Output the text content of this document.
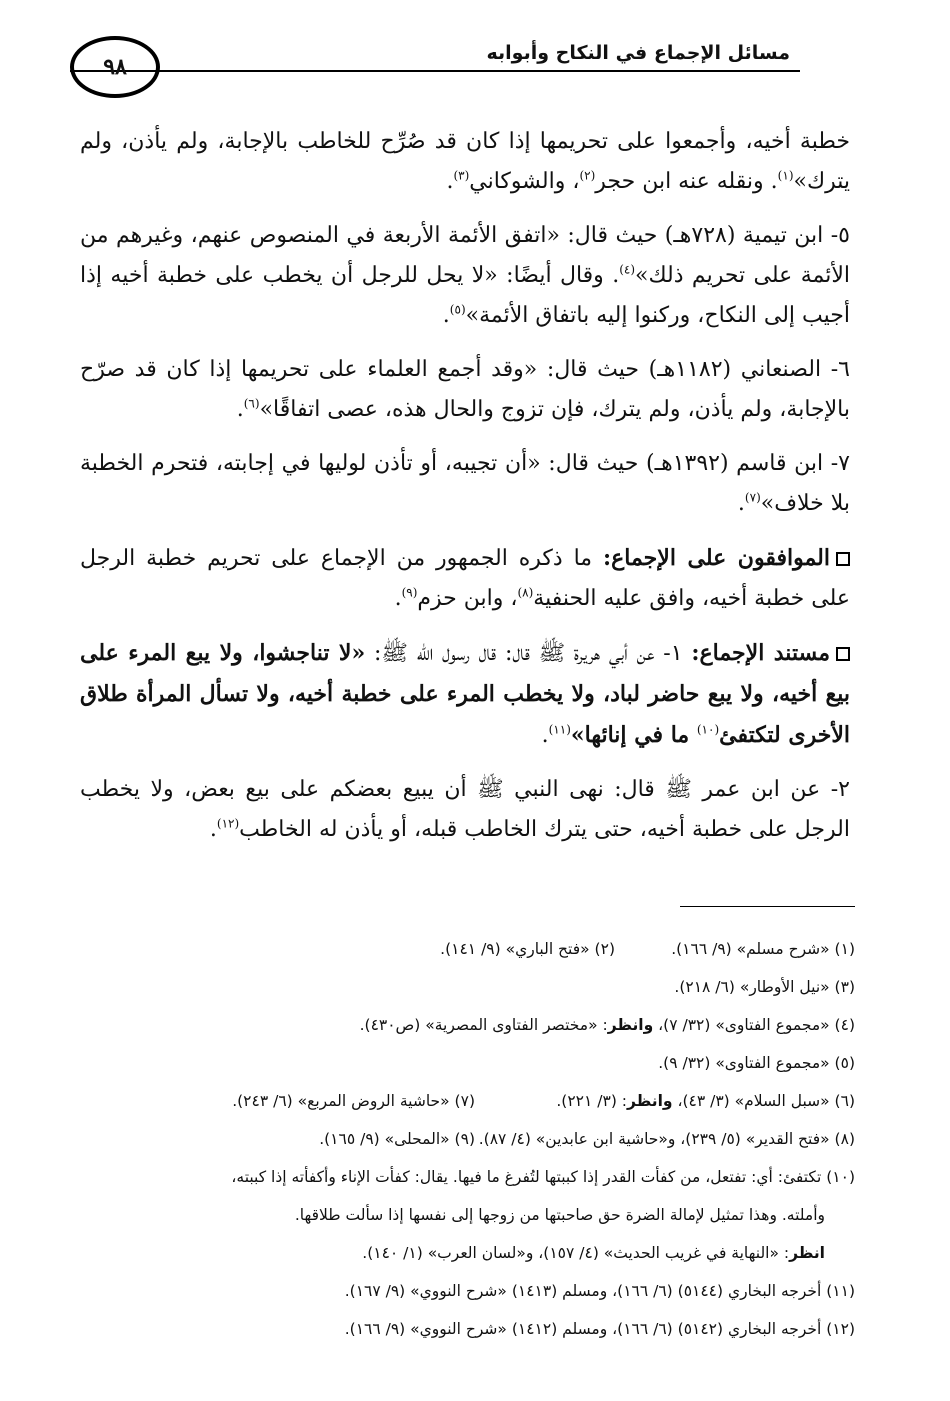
مسائل الإجماع في النكاح وأبوابه
٩٨

خطبة أخيه، وأجمعوا على تحريمها إذا كان قد صُرِّح للخاطب بالإجابة، ولم يأذن، ولم يترك»$^{(١)}$. ونقله عنه ابن حجر$^{(٢)}$، والشوكاني$^{(٣)}$.

٥- ابن تيمية (٧٢٨هـ) حيث قال: «اتفق الأئمة الأربعة في المنصوص عنهم، وغيرهم من الأئمة على تحريم ذلك»$^{(٤)}$. وقال أيضًا: «لا يحل للرجل أن يخطب على خطبة أخيه إذا أجيب إلى النكاح، وركنوا إليه باتفاق الأئمة»$^{(٥)}$.

٦- الصنعاني (١١٨٢هـ) حيث قال: «وقد أجمع العلماء على تحريمها إذا كان قد صرّح بالإجابة، ولم يأذن، ولم يترك، فإن تزوج والحال هذه، عصى اتفاقًا»$^{(٦)}$.

٧- ابن قاسم (١٣٩٢هـ) حيث قال: «أن تجيبه، أو تأذن لوليها في إجابته، فتحرم الخطبة بلا خلاف»$^{(٧)}$.

الموافقون على الإجماع: ما ذكره الجمهور من الإجماع على تحريم خطبة الرجل على خطبة أخيه، وافق عليه الحنفية$^{(٨)}$، وابن حزم$^{(٩)}$.

مستند الإجماع: ١- عن أبي هريرة ﷺ قال: قال رسول الله ﷺ: «لا تناجشوا، ولا يبع المرء على بيع أخيه، ولا يبع حاضر لباد، ولا يخطب المرء على خطبة أخيه، ولا تسأل المرأة طلاق الأخرى لتكتفئ$^{(١٠)}$ ما في إنائها»$^{(١١)}$.

٢- عن ابن عمر ﷺ قال: نهى النبي ﷺ أن يبيع بعضكم على بيع بعض، ولا يخطب الرجل على خطبة أخيه، حتى يترك الخاطب قبله، أو يأذن له الخاطب$^{(١٢)}$.

(١) «شرح مسلم» (٩/ ١٦٦).(٢) «فتح الباري» (٩/ ١٤١).
(٣) «نيل الأوطار» (٦/ ٢١٨).
(٤) «مجموع الفتاوى» (٣٢/ ٧)، وانظر: «مختصر الفتاوى المصرية» (ص٤٣٠).
(٥) «مجموع الفتاوى» (٣٢/ ٩).
(٦) «سبل السلام» (٣/ ٤٣)، وانظر: (٣/ ٢٢١).(٧) «حاشية الروض المربع» (٦/ ٢٤٣).
(٨) «فتح القدير» (٥/ ٢٣٩)، و«حاشية ابن عابدين» (٤/ ٨٧).(٩) «المحلى» (٩/ ١٦٥).
(١٠) تكتفئ: أي: تفتعل، من كفأت القدر إذا كببتها لتُفرغ ما فيها. يقال: كفأت الإناء وأكفأته إذا كببته،
وأملته. وهذا تمثيل لإمالة الضرة حق صاحبتها من زوجها إلى نفسها إذا سألت طلاقها.
انظر: «النهاية في غريب الحديث» (٤/ ١٥٧)، و«لسان العرب» (١/ ١٤٠).
(١١) أخرجه البخاري (٥١٤٤) (٦/ ١٦٦)، ومسلم (١٤١٣) «شرح النووي» (٩/ ١٦٧).
(١٢) أخرجه البخاري (٥١٤٢) (٦/ ١٦٦)، ومسلم (١٤١٢) «شرح النووي» (٩/ ١٦٦).
